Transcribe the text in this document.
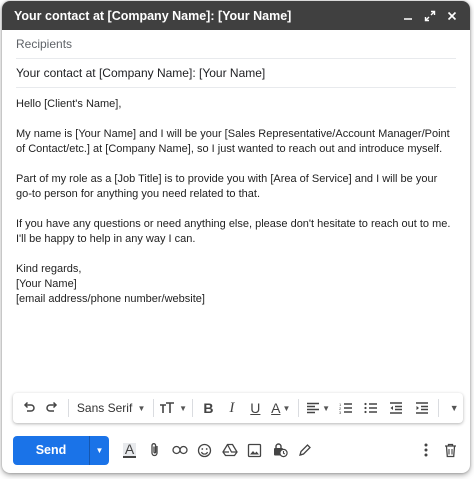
Your contact at [Company Name]: [Your Name]
Recipients
Your contact at [Company Name]: [Your Name]

Hello [Client's Name],

My name is [Your Name] and I will be your [Sales Representative/Account Manager/Point of Contact/etc.] at [Company Name], so I just wanted to reach out and introduce myself.

Part of my role as a [Job Title] is to provide you with [Area of Service] and I will be your go-to person for anything you need related to that.

If you have any questions or need anything else, please don't hesitate to reach out to me. I'll be happy to help in any way I can.

Kind regards,
[Your Name]
[email address/phone number/website]
Sans Serif ▼	▼	B	I	U A ▼	▼ 1
2
3	▼
Send	▼ A
